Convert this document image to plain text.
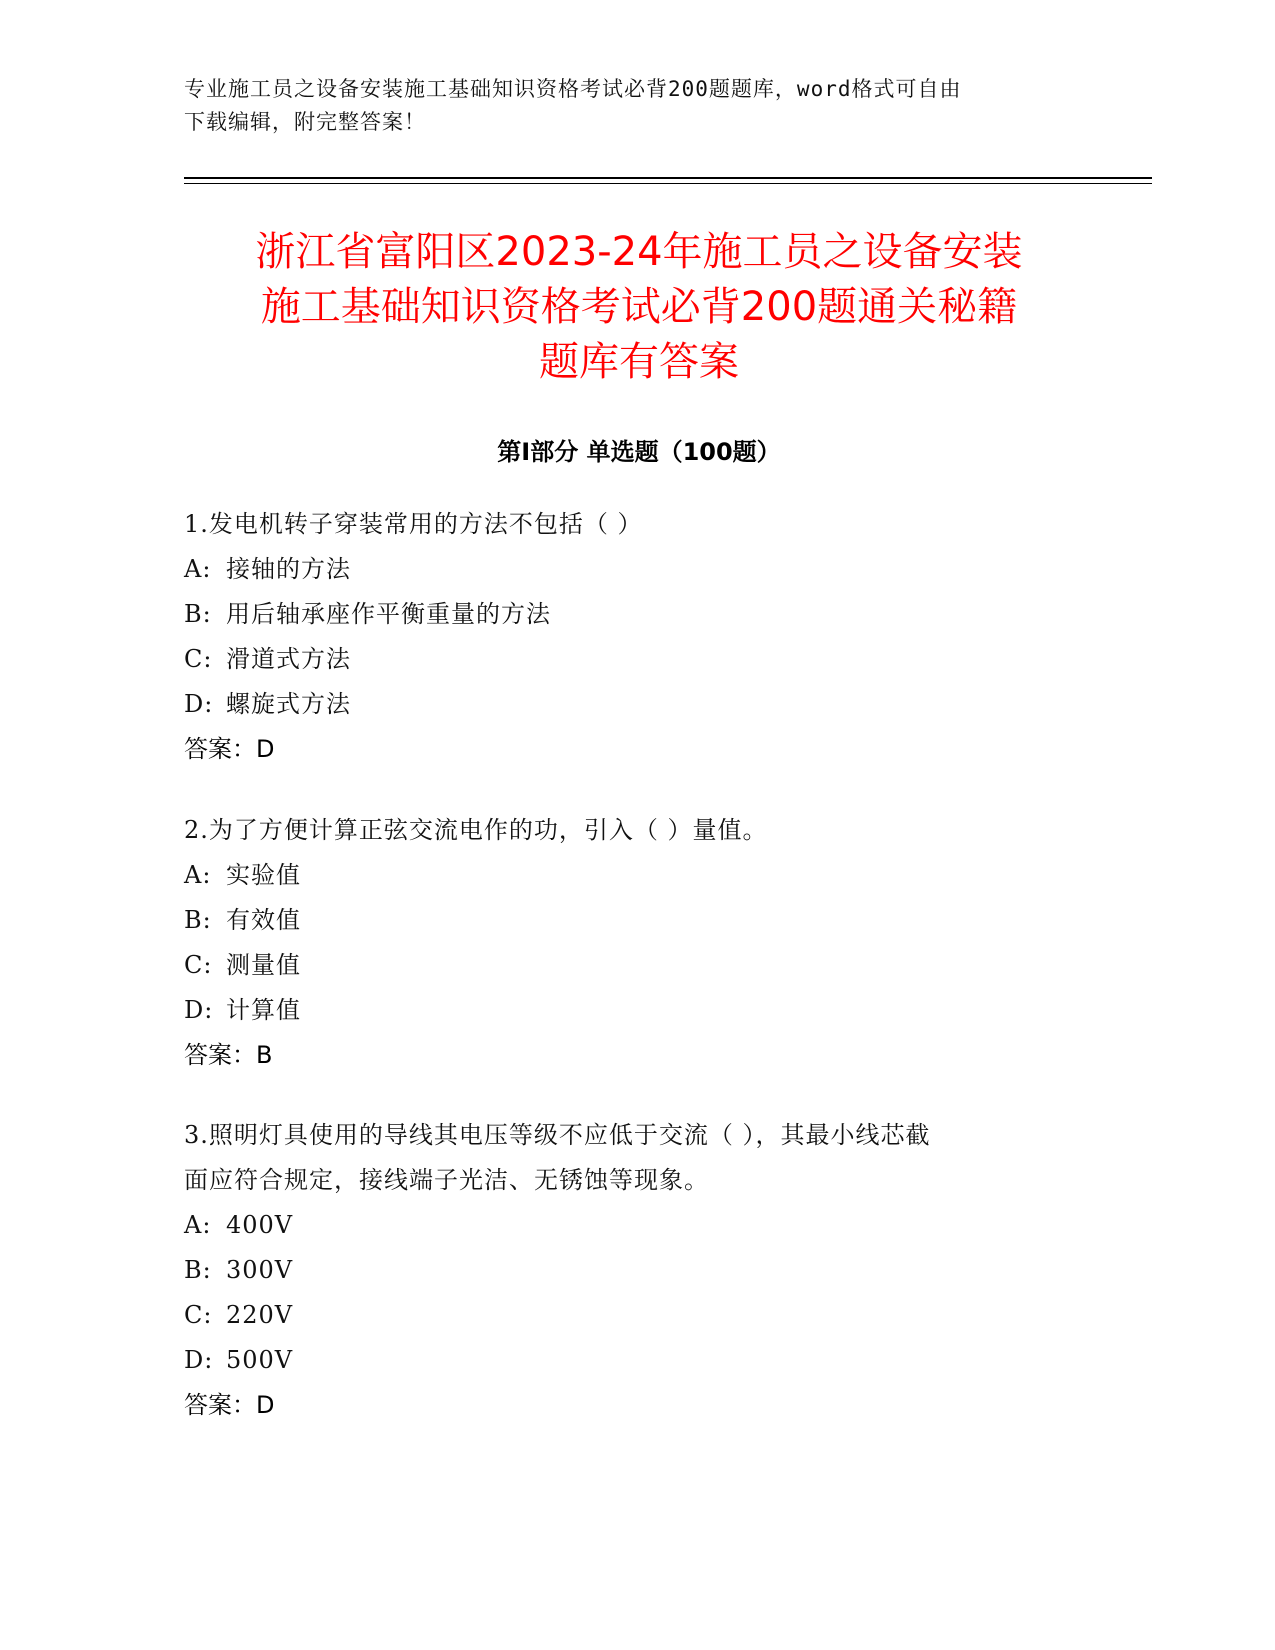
专业施工员之设备安装施工基础知识资格考试必背200题题库，word格式可自由
下载编辑，附完整答案！
浙江省富阳区2023-24年施工员之设备安装
施工基础知识资格考试必背200题通关秘籍
题库有答案
第Ⅰ部分 单选题（100题）
1.发电机转子穿装常用的方法不包括（ ）
A: 接轴的方法
B: 用后轴承座作平衡重量的方法
C: 滑道式方法
D: 螺旋式方法
答案：D
2.为了方便计算正弦交流电作的功，引入（ ）量值。
A: 实验值
B: 有效值
C: 测量值
D: 计算值
答案：B
3.照明灯具使用的导线其电压等级不应低于交流（ ），其最小线芯截
面应符合规定，接线端子光洁、无锈蚀等现象。
A: 400V
B: 300V
C: 220V
D: 500V
答案：D
